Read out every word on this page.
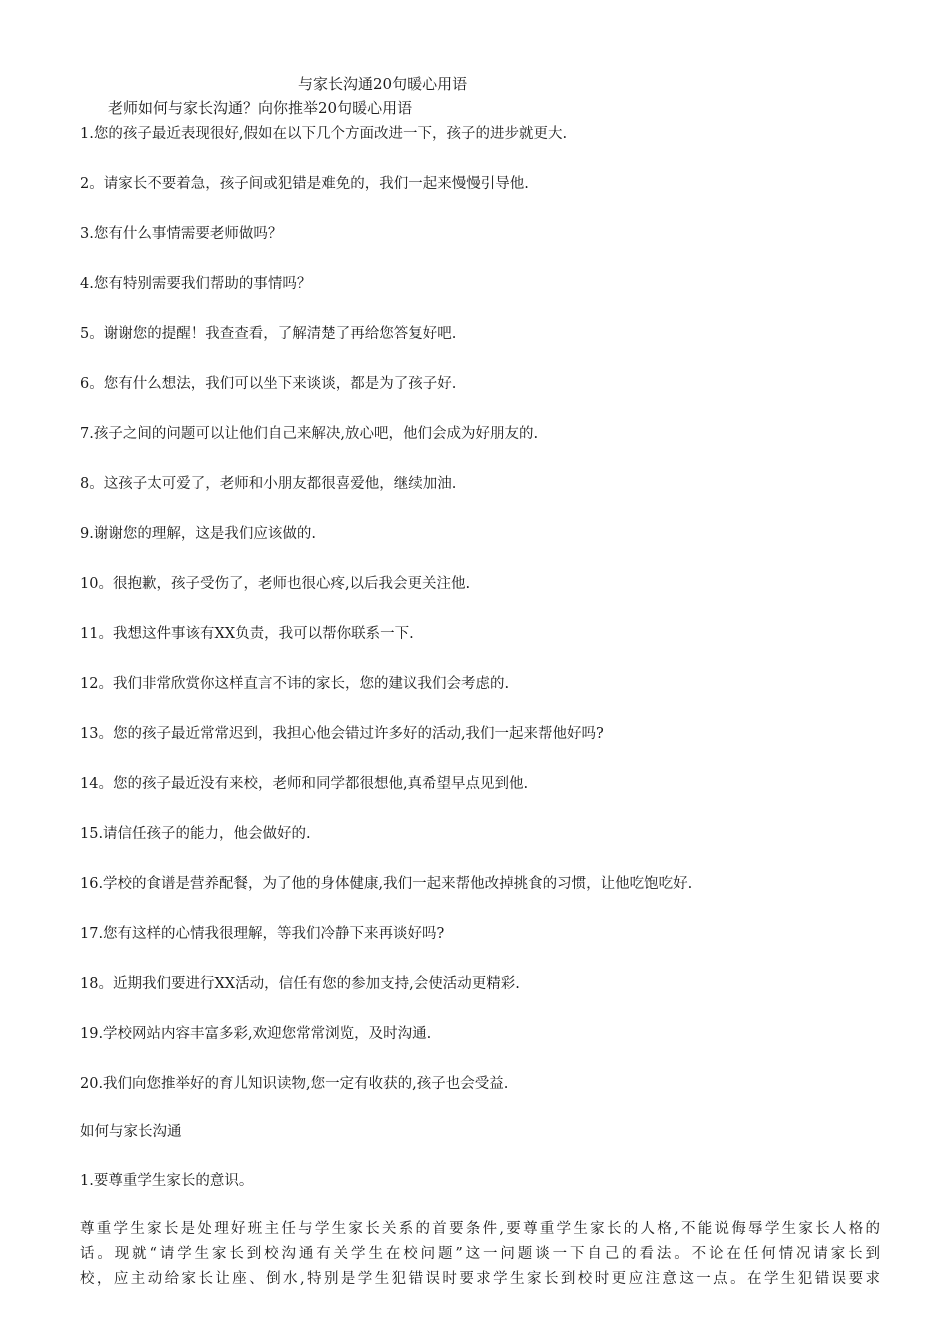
与家长沟通20句暖心用语
老师如何与家长沟通？向你推举20句暖心用语
1.您的孩子最近表现很好,假如在以下几个方面改进一下，孩子的进步就更大.
2。请家长不要着急，孩子间或犯错是难免的，我们一起来慢慢引导他.
3.您有什么事情需要老师做吗？
4.您有特别需要我们帮助的事情吗？
5。谢谢您的提醒！我查查看，了解清楚了再给您答复好吧.
6。您有什么想法，我们可以坐下来谈谈，都是为了孩子好.
7.孩子之间的问题可以让他们自己来解决,放心吧，他们会成为好朋友的.
8。这孩子太可爱了，老师和小朋友都很喜爱他，继续加油.
9.谢谢您的理解，这是我们应该做的.
10。很抱歉，孩子受伤了，老师也很心疼,以后我会更关注他.
11。我想这件事该有XX负责，我可以帮你联系一下.
12。我们非常欣赏你这样直言不讳的家长，您的建议我们会考虑的.
13。您的孩子最近常常迟到，我担心他会错过许多好的活动,我们一起来帮他好吗?
14。您的孩子最近没有来校，老师和同学都很想他,真希望早点见到他.
15.请信任孩子的能力，他会做好的.
16.学校的食谱是营养配餐，为了他的身体健康,我们一起来帮他改掉挑食的习惯，让他吃饱吃好.
17.您有这样的心情我很理解，等我们冷静下来再谈好吗?
18。近期我们要进行XX活动，信任有您的参加支持,会使活动更精彩.
19.学校网站内容丰富多彩,欢迎您常常浏览，及时沟通.
20.我们向您推举好的育儿知识读物,您一定有收获的,孩子也会受益.
如何与家长沟通
1.要尊重学生家长的意识。

尊重学生家长是处理好班主任与学生家长关系的首要条件,要尊重学生家长的人格,不能说侮辱学生家长人格的
话。现就“请学生家长到校沟通有关学生在校问题”这一问题谈一下自己的看法。不论在任何情况请家长到
校，应主动给家长让座、倒水,特别是学生犯错误时要求学生家长到校时更应注意这一点。在学生犯错误要求
